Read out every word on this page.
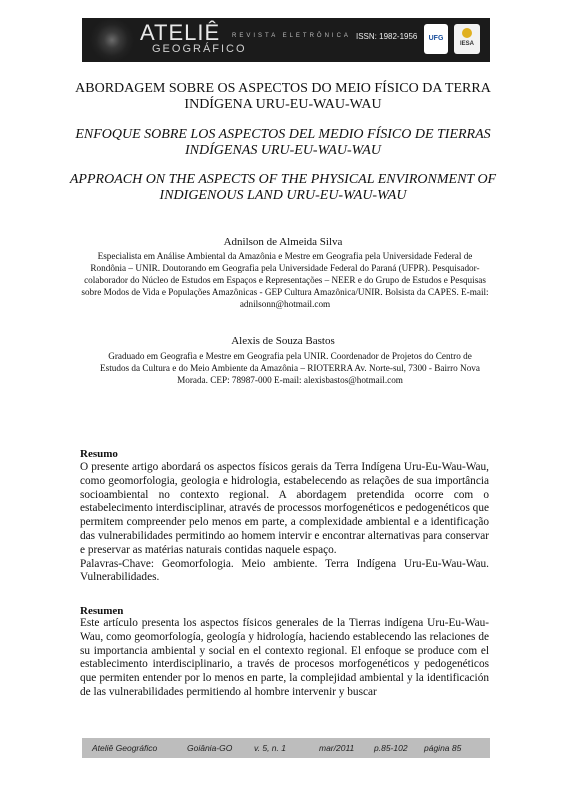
ATELIÊ
GEOGRÁFICO
REVISTA ELETRÔNICA ISSN: 1982-1956	UFG
IESA
ABORDAGEM SOBRE OS ASPECTOS DO MEIO FÍSICO DA TERRA INDÍGENA URU-EU-WAU-WAU
ENFOQUE SOBRE LOS ASPECTOS DEL MEDIO FÍSICO DE TIERRAS INDÍGENAS URU-EU-WAU-WAU
APPROACH ON THE ASPECTS OF THE PHYSICAL ENVIRONMENT OF INDIGENOUS LAND URU-EU-WAU-WAU
Adnilson de Almeida Silva
Especialista em Análise Ambiental da Amazônia e Mestre em Geografia pela Universidade Federal de Rondônia – UNIR. Doutorando em Geografia pela Universidade Federal do Paraná (UFPR). Pesquisador-colaborador do Núcleo de Estudos em Espaços e Representações – NEER e do Grupo de Estudos e Pesquisas sobre Modos de Vida e Populações Amazônicas - GEP Cultura Amazônica/UNIR. Bolsista da CAPES. E-mail: adnilsonn@hotmail.com
Alexis de Souza Bastos
Graduado em Geografia e Mestre em Geografia pela UNIR. Coordenador de Projetos do Centro de Estudos da Cultura e do Meio Ambiente da Amazônia – RIOTERRA Av. Norte-sul, 7300 - Bairro Nova Morada. CEP: 78987-000 E-mail: alexisbastos@hotmail.com
Resumo
O presente artigo abordará os aspectos físicos gerais da Terra Indígena Uru-Eu-Wau-Wau, como geomorfologia, geologia e hidrologia, estabelecendo as relações de sua importância socioambiental no contexto regional. A abordagem pretendida ocorre com o estabelecimento interdisciplinar, através de processos morfogenéticos e pedogenéticos que permitem compreender pelo menos em parte, a complexidade ambiental e a identificação das vulnerabilidades permitindo ao homem intervir e encontrar alternativas para conservar e preservar as matérias naturais contidas naquele espaço.
Palavras-Chave: Geomorfologia. Meio ambiente. Terra Indígena Uru-Eu-Wau-Wau. Vulnerabilidades.
Resumen

Este artículo presenta los aspectos físicos generales de la Tierras indígena Uru-Eu-Wau-Wau, como geomorfología, geología y hidrología, haciendo establecendo las relaciones de su importancia ambiental y social en el contexto regional. El enfoque se produce com el establecimento interdisciplinario, a través de procesos morfogenéticos y pedogenéticos que permiten entender por lo menos en parte, la complejidad ambiental y la identificación de las vulnerabilidades permitiendo al hombre intervenir y buscar

Ateliê Geográfico	Goiânia-GO	v. 5, n. 1	mar/2011 p.85-102 página 85
